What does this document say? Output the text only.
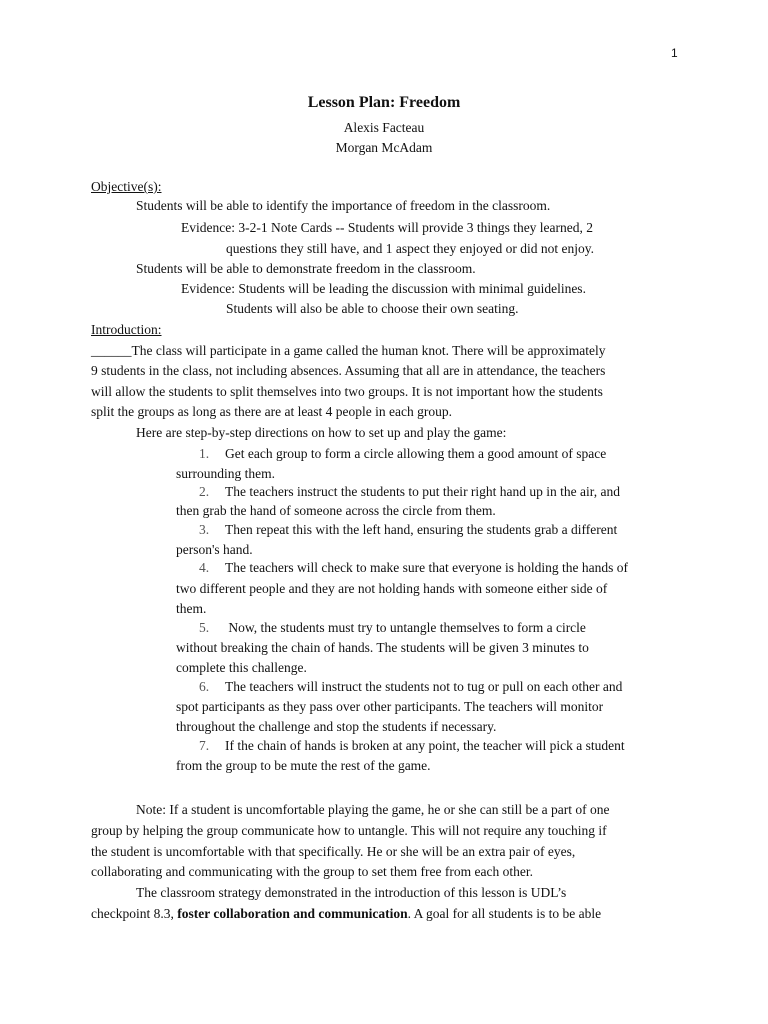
1
Lesson Plan: Freedom
Alexis Facteau
Morgan McAdam
Objective(s):
Students will be able to identify the importance of freedom in the classroom.
Evidence: 3-2-1 Note Cards -- Students will provide 3 things they learned, 2
questions they still have, and 1 aspect they enjoyed or did not enjoy.
Students will be able to demonstrate freedom in the classroom.
Evidence: Students will be leading the discussion with minimal guidelines.
Students will also be able to choose their own seating.
Introduction:
______The class will participate in a game called the human knot. There will be approximately
9 students in the class, not including absences. Assuming that all are in attendance, the teachers
will allow the students to split themselves into two groups. It is not important how the students
split the groups as long as there are at least 4 people in each group.
Here are step-by-step directions on how to set up and play the game:
1. Get each group to form a circle allowing them a good amount of space
surrounding them.
2. The teachers instruct the students to put their right hand up in the air, and
then grab the hand of someone across the circle from them.
3. Then repeat this with the left hand, ensuring the students grab a different
person's hand.
4. The teachers will check to make sure that everyone is holding the hands of
two different people and they are not holding hands with someone either side of
them.
5. Now, the students must try to untangle themselves to form a circle
without breaking the chain of hands. The students will be given 3 minutes to
complete this challenge.
6. The teachers will instruct the students not to tug or pull on each other and
spot participants as they pass over other participants. The teachers will monitor
throughout the challenge and stop the students if necessary.
7. If the chain of hands is broken at any point, the teacher will pick a student
from the group to be mute the rest of the game.
Note: If a student is uncomfortable playing the game, he or she can still be a part of one
group by helping the group communicate how to untangle. This will not require any touching if
the student is uncomfortable with that specifically. He or she will be an extra pair of eyes,
collaborating and communicating with the group to set them free from each other.
The classroom strategy demonstrated in the introduction of this lesson is UDL’s
checkpoint 8.3, foster collaboration and communication. A goal for all students is to be able
